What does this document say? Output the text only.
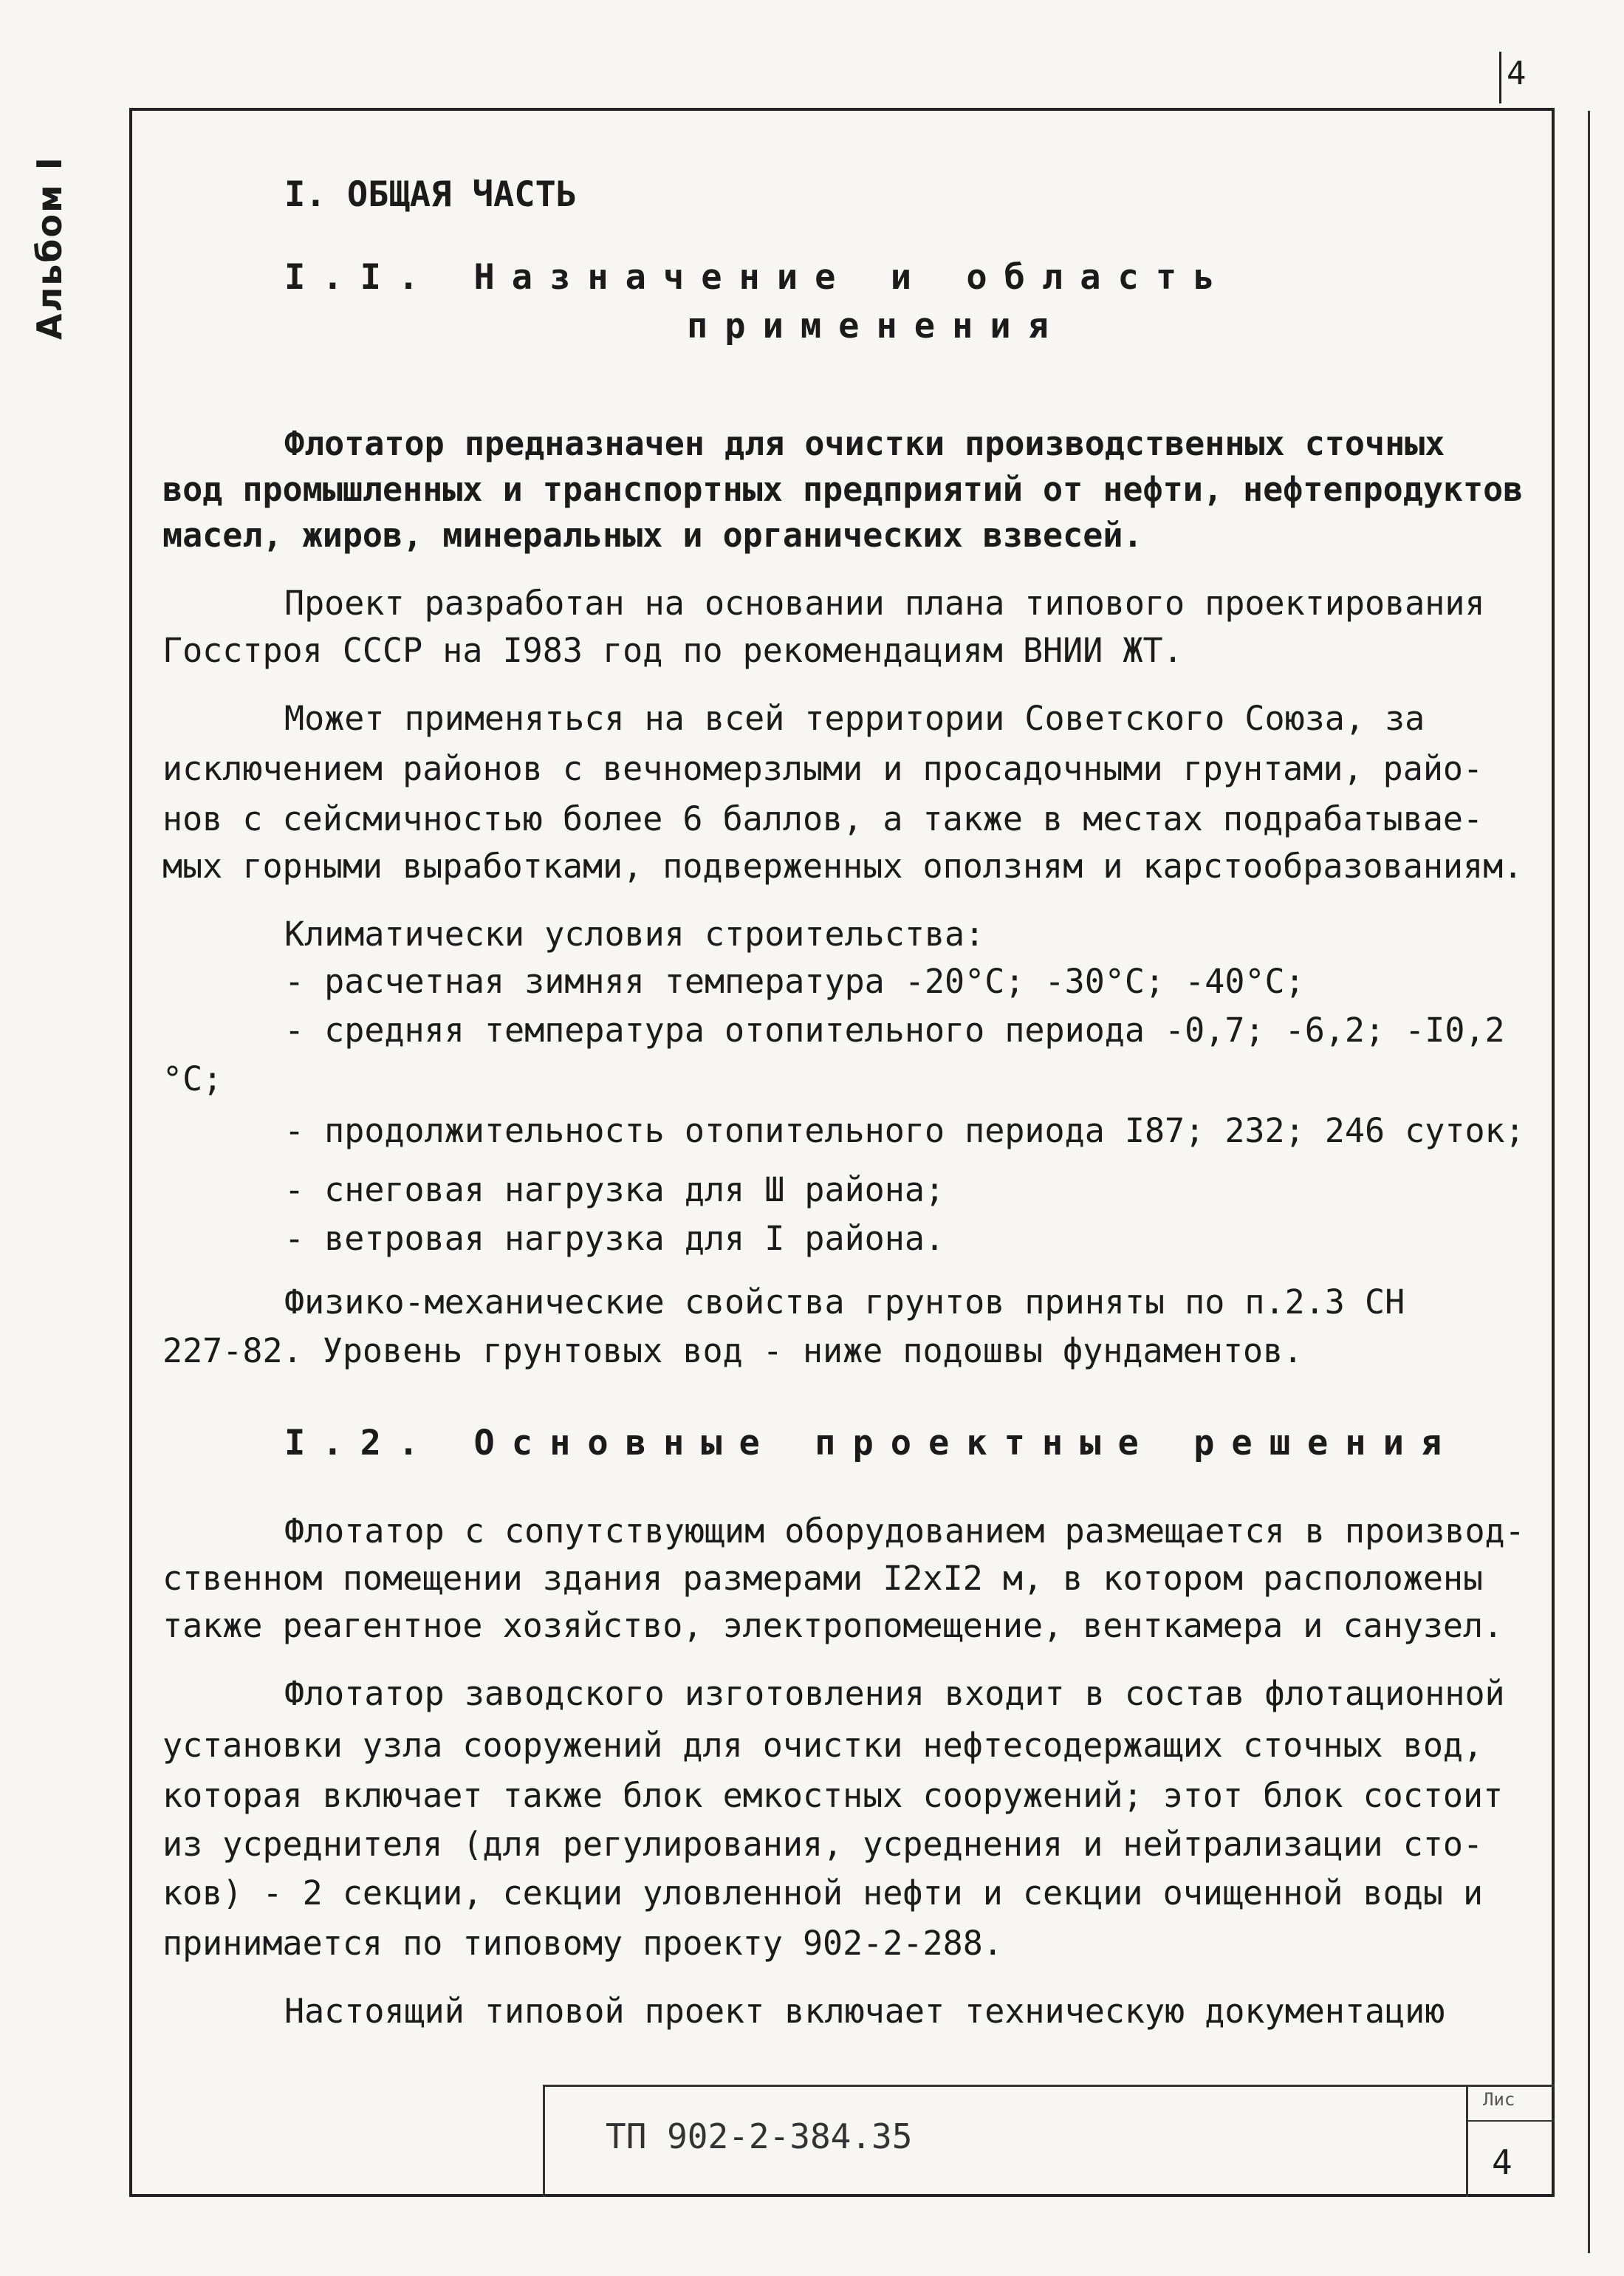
4
Альбом I	I. ОБЩАЯ ЧАСТЬ
I.I. Назначение и область
применения
Флотатор предназначен для очистки производственных сточных
вод промышленных и транспортных предприятий от нефти, нефтепродуктов
масел, жиров, минеральных и органических взвесей.
Проект разработан на основании плана типового проектирования
Госстроя СССР на I983 год по рекомендациям ВНИИ ЖТ.
Может применяться на всей территории Советского Союза, за
исключением районов с вечномерзлыми и просадочными грунтами, райо-
нов с сейсмичностью более 6 баллов, а также в местах подрабатывае-
мых горными выработками, подверженных оползням и карстообразованиям.
Климатически условия строительства:
- расчетная зимняя температура -20°С; -30°С; -40°С;
- средняя температура отопительного периода -0,7; -6,2; -I0,2
°С;
- продолжительность отопительного периода I87; 232; 246 суток;
- снеговая нагрузка для Ш района;
- ветровая нагрузка для I района.
Физико-механические свойства грунтов приняты по п.2.3 СН
227-82. Уровень грунтовых вод - ниже подошвы фундаментов.
I.2. Основные проектные решения
Флотатор с сопутствующим оборудованием размещается в производ-
ственном помещении здания размерами I2хI2 м, в котором расположены
также реагентное хозяйство, электропомещение, венткамера и санузел.
Флотатор заводского изготовления входит в состав флотационной
установки узла сооружений для очистки нефтесодержащих сточных вод,
которая включает также блок емкостных сооружений; этот блок состоит
из усреднителя (для регулирования, усреднения и нейтрализации сто-
ков) - 2 секции, секции уловленной нефти и секции очищенной воды и
принимается по типовому проекту 902-2-288.
Настоящий типовой проект включает техническую документацию
ТП 902-2-384.35
Лис
4
